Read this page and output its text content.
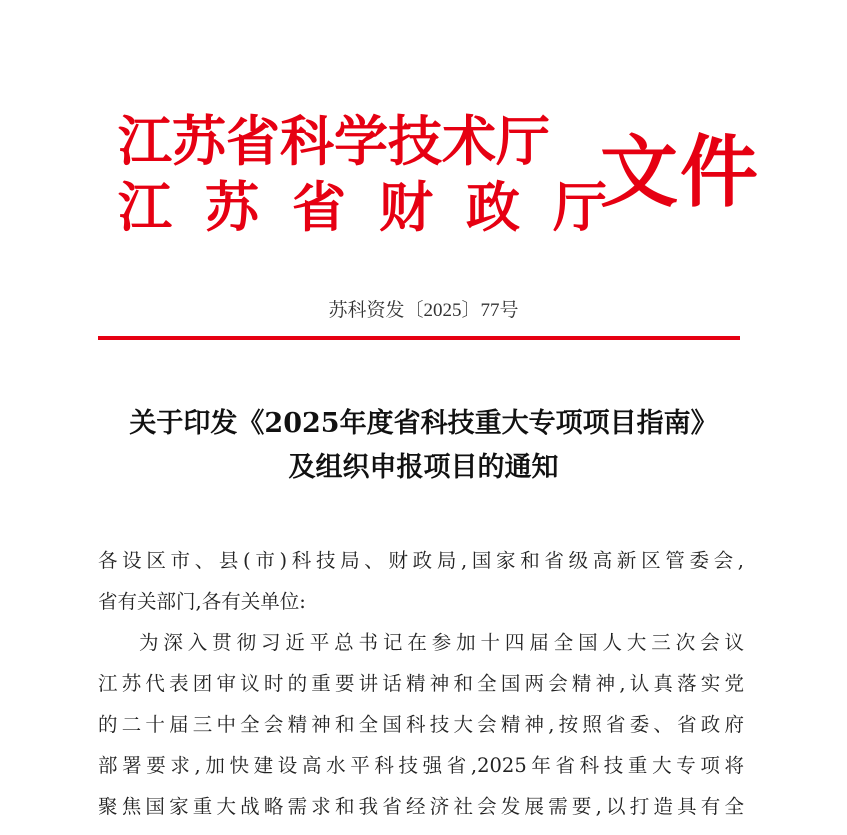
江苏省科学技术厅
江苏省财政厅
文件
苏科资发〔2025〕77号
关于印发《2025年度省科技重大专项项目指南》
及组织申报项目的通知
各设区市、县(市)科技局、财政局,国家和省级高新区管委会,
省有关部门,各有关单位:
为深入贯彻习近平总书记在参加十四届全国人大三次会议
江苏代表团审议时的重要讲话精神和全国两会精神,认真落实党
的二十届三中全会精神和全国科技大会精神,按照省委、省政府
部署要求,加快建设高水平科技强省,2025年省科技重大专项将
聚焦国家重大战略需求和我省经济社会发展需要,以打造具有全
